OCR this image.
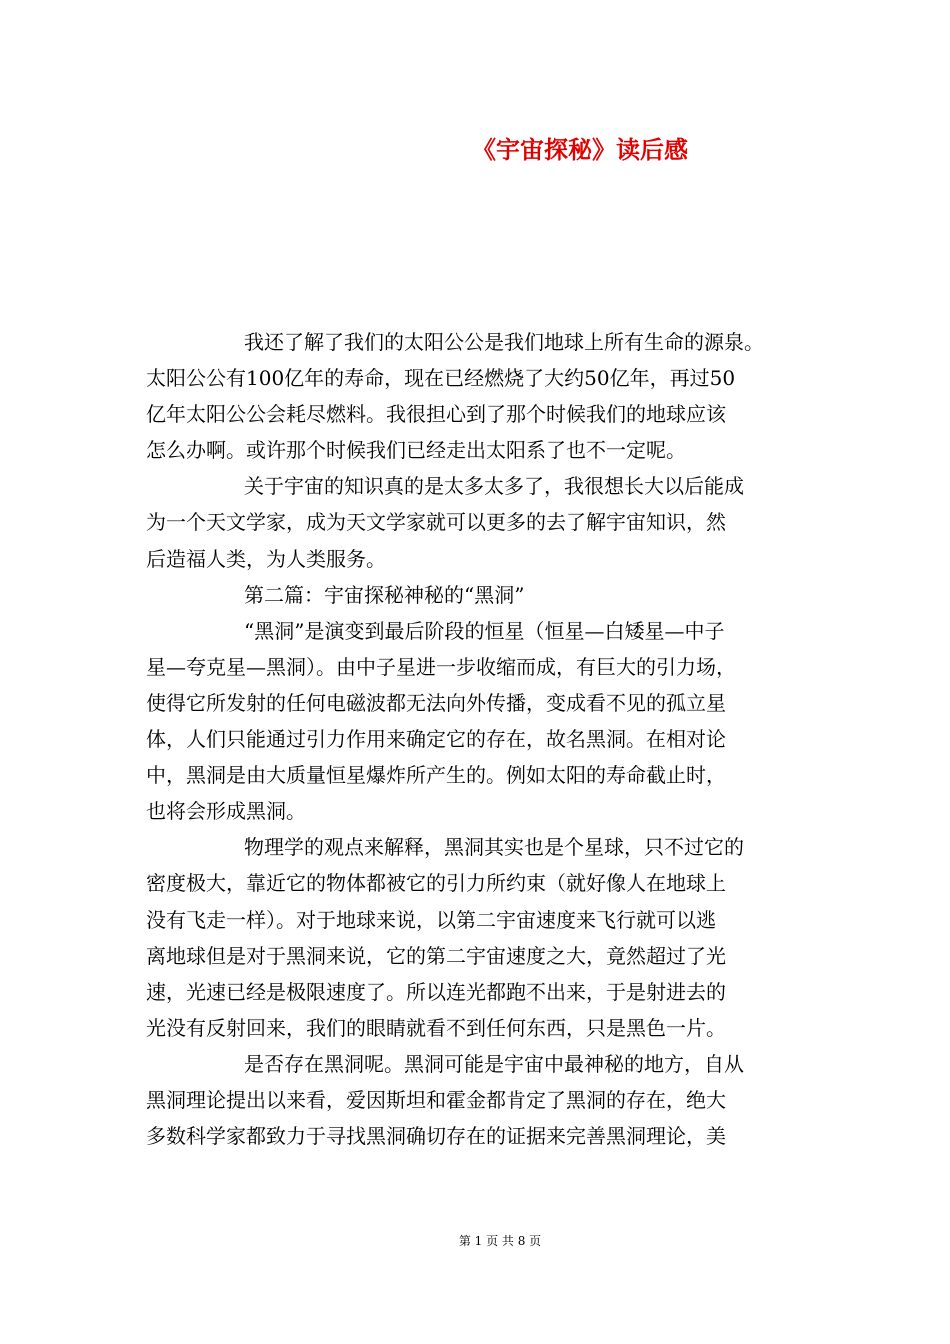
《宇宙探秘》读后感
我还了解了我们的太阳公公是我们地球上所有生命的源泉。
太阳公公有100亿年的寿命，现在已经燃烧了大约50亿年，再过50
亿年太阳公公会耗尽燃料。我很担心到了那个时候我们的地球应该
怎么办啊。或许那个时候我们已经走出太阳系了也不一定呢。
关于宇宙的知识真的是太多太多了，我很想长大以后能成
为一个天文学家，成为天文学家就可以更多的去了解宇宙知识，然
后造福人类，为人类服务。
第二篇：宇宙探秘神秘的“黑洞”
“黑洞”是演变到最后阶段的恒星（恒星—白矮星—中子
星—夸克星—黑洞）。由中子星进一步收缩而成，有巨大的引力场，
使得它所发射的任何电磁波都无法向外传播，变成看不见的孤立星
体，人们只能通过引力作用来确定它的存在，故名黑洞。在相对论
中，黑洞是由大质量恒星爆炸所产生的。例如太阳的寿命截止时，
也将会形成黑洞。
物理学的观点来解释，黑洞其实也是个星球，只不过它的
密度极大，靠近它的物体都被它的引力所约束（就好像人在地球上
没有飞走一样）。对于地球来说，以第二宇宙速度来飞行就可以逃
离地球但是对于黑洞来说，它的第二宇宙速度之大，竟然超过了光
速，光速已经是极限速度了。所以连光都跑不出来，于是射进去的
光没有反射回来，我们的眼睛就看不到任何东西，只是黑色一片。
是否存在黑洞呢。黑洞可能是宇宙中最神秘的地方，自从
黑洞理论提出以来看，爱因斯坦和霍金都肯定了黑洞的存在，绝大
多数科学家都致力于寻找黑洞确切存在的证据来完善黑洞理论，美
第 1 页 共 8 页
